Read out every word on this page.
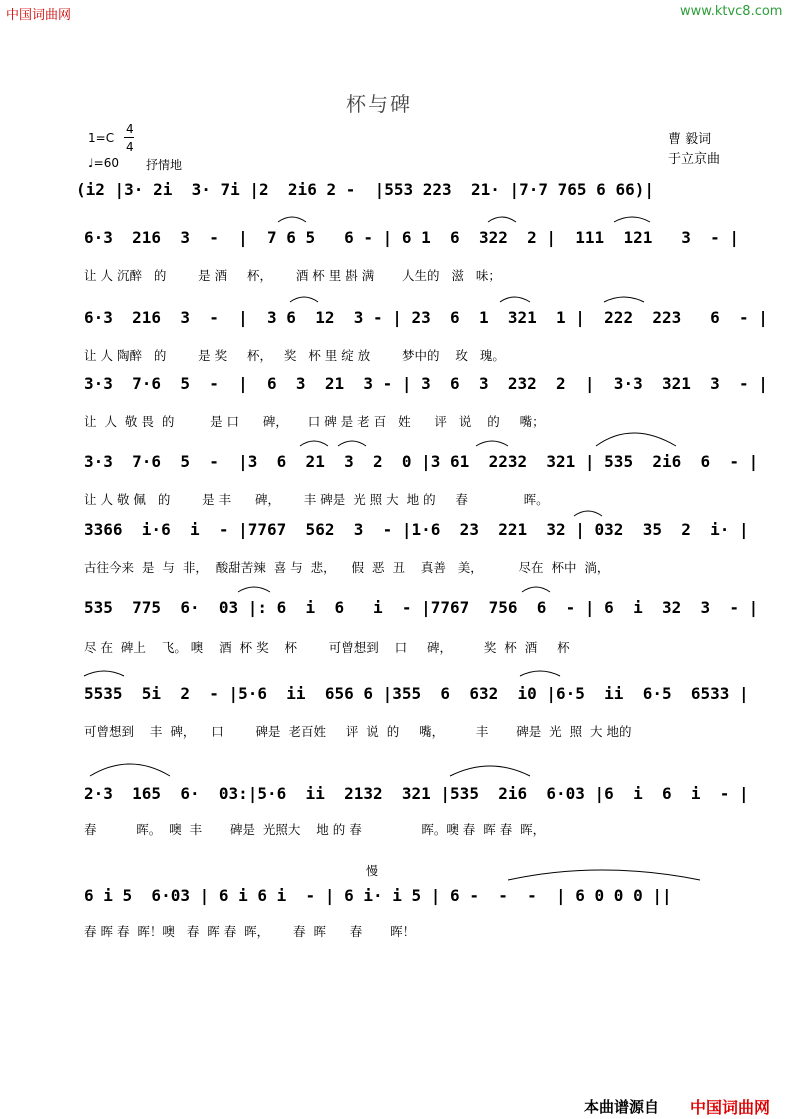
中国词曲网	www.ktvc8.com
杯与碑
1=C
4
4
♩=60 抒情地
曹 毅词
于立京曲
(i2 |3· 2i  3· 7i |2  2i6 2 -  |553 223  21· |7·7 765 6 66)|
6·3  216  3  -  |  7 6 5   6 - | 6 1  6  322  2 |  111  121   3  - |
让 人 沉醉   的        是 酒     杯，      酒 杯 里 斟 满       人生的   滋   味；
6·3  216  3  -  |  3 6  12  3 - | 23  6  1  321  1 |  222  223   6  - |
让 人 陶醉   的        是 奖     杯，   奖   杯 里 绽 放        梦中的    玫   瑰。
3·3  7·6  5  -  |  6  3  21  3 - | 3  6  3  232  2  |  3·3  321  3  - |
让  人  敬 畏  的         是 口      碑，     口 碑 是 老 百   姓      评   说    的     嘴；
3·3  7·6  5  -  |3  6  21  3  2  0 |3 61  2232  321 | 535  2i6  6  - |
让 人 敬 佩   的        是 丰      碑，      丰 碑是  光 照 大  地 的     春              晖。
3366  i·6  i  - |7767  562  3  - |1·6  23  221  32 | 032  35  2  i· |
古往今来  是  与  非，  酸甜苦辣  喜 与  悲，    假  恶  丑    真善   美，         尽在  杯中  淌，
535  775  6·  03 |: 6  i  6   i  - |7767  756  6  - | 6  i  32  3  - |
尽 在  碑上    飞。 噢    酒  杯 奖    杯        可曾想到    口     碑，        奖  杯  酒     杯
5535  5i  2  - |5·6  ii  656 6 |355  6  632  i0 |6·5  ii  6·5  6533 |
可曾想到    丰  碑，    口        碑是  老百姓     评  说  的     嘴，        丰       碑是  光  照  大 地的
2·3  165  6·  03:|5·6  ii  2132  321 |535  2i6  6·03 |6  i  6  i  - |
春          晖。  噢  丰       碑是  光照大    地 的 春               晖。噢 春  晖 春  晖，
慢
6 i 5  6·03 | 6 i 6 i  - | 6 i· i 5 | 6 -  -  -  | 6 0 0 0 ||
春 晖 春  晖！噢   春  晖 春  晖，      春  晖      春       晖！
本曲谱源自 中国词曲网
